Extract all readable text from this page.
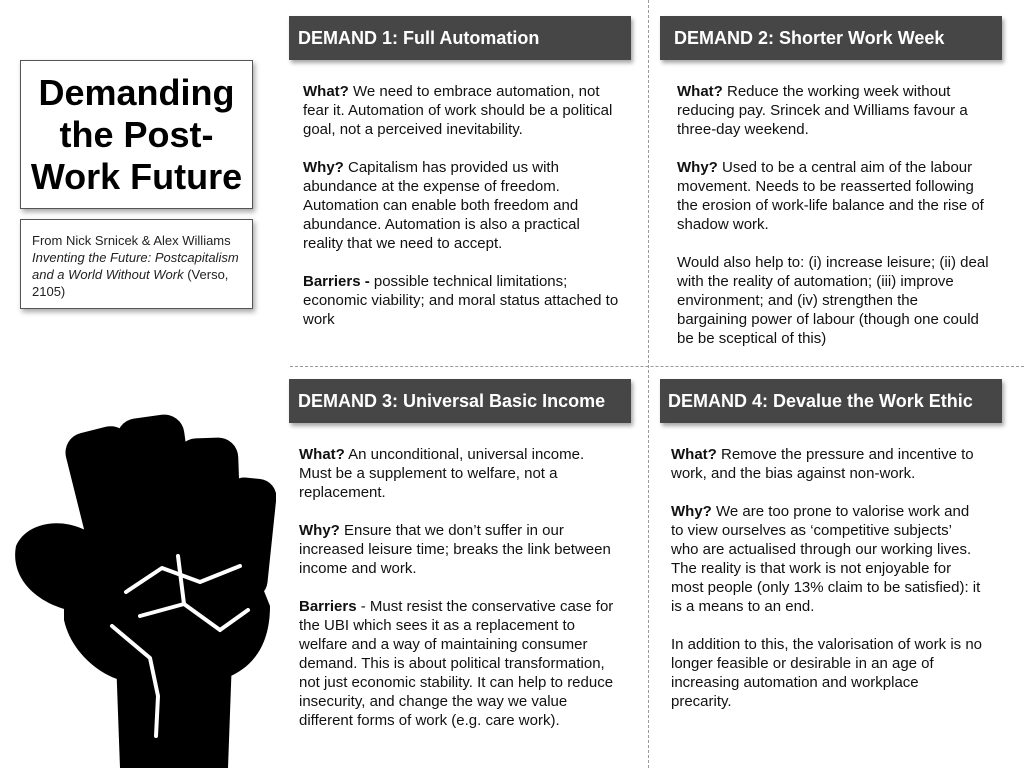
Demanding the Post-Work Future
From Nick Srnicek & Alex Williams Inventing the Future: Postcapitalism and a World Without Work (Verso, 2105)
DEMAND 1: Full Automation

What? We need to embrace automation, not fear it. Automation of work should be a political goal, not a perceived inevitability.

Why? Capitalism has provided us with abundance at the expense of freedom. Automation can enable both freedom and abundance. Automation is also a practical reality that we need to accept.

Barriers - possible technical limitations; economic viability; and moral status attached to work

DEMAND 2: Shorter Work Week

What? Reduce the working week without reducing pay. Srincek and Williams favour a three-day weekend.

Why? Used to be a central aim of the labour movement. Needs to be reasserted following the erosion of work-life balance and the rise of shadow work.

Would also help to: (i) increase leisure; (ii) deal with the reality of automation; (iii) improve environment; and (iv) strengthen the bargaining power of labour (though one could be be sceptical of this)

DEMAND 3: Universal Basic Income

What? An unconditional, universal income. Must be a supplement to welfare, not a replacement.

Why? Ensure that we don’t suffer in our increased leisure time; breaks the link between income and work.

Barriers - Must resist the conservative case for the UBI which sees it as a replacement to welfare and a way of maintaining consumer demand. This is about political transformation, not just economic stability. It can help to reduce insecurity, and change the way we value different forms of work (e.g. care work).

DEMAND 4: Devalue the Work Ethic

What? Remove the pressure and incentive to work, and the bias against non-work.

Why? We are too prone to valorise work and to view ourselves as ‘competitive subjects’ who are actualised through our working lives. The reality is that work is not enjoyable for most people (only 13% claim to be satisfied): it is a means to an end.

In addition to this, the valorisation of work is no longer feasible or desirable in an age of increasing automation and workplace precarity.
